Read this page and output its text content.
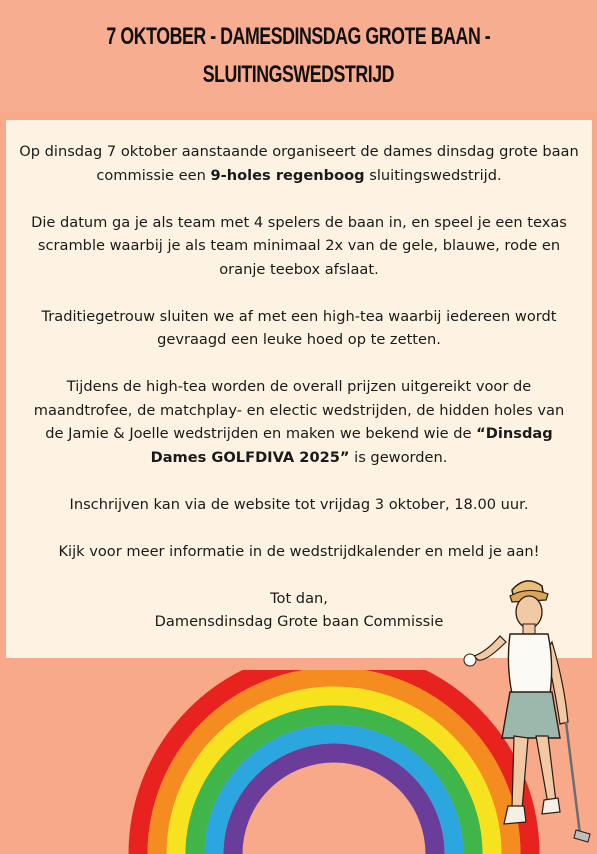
7 OKTOBER - DAMESDINSDAG GROTE BAAN -
SLUITINGSWEDSTRIJD

Op dinsdag 7 oktober aanstaande organiseert de dames dinsdag grote baan commissie een 9-holes regenboog sluitingswedstrijd.

Die datum ga je als team met 4 spelers de baan in, en speel je een texas scramble waarbij je als team minimaal 2x van de gele, blauwe, rode en oranje teebox afslaat.

Traditiegetrouw sluiten we af met een high-tea waarbij iedereen wordt gevraagd een leuke hoed op te zetten.

Tijdens de high-tea worden de overall prijzen uitgereikt voor de maandtrofee, de matchplay- en electic wedstrijden, de hidden holes van de Jamie & Joelle wedstrijden en maken we bekend wie de “Dinsdag Dames GOLFDIVA 2025” is geworden.

Inschrijven kan via de website tot vrijdag 3 oktober, 18.00 uur.

Kijk voor meer informatie in de wedstrijdkalender en meld je aan!

Tot dan,
Damensdinsdag Grote baan Commissie
